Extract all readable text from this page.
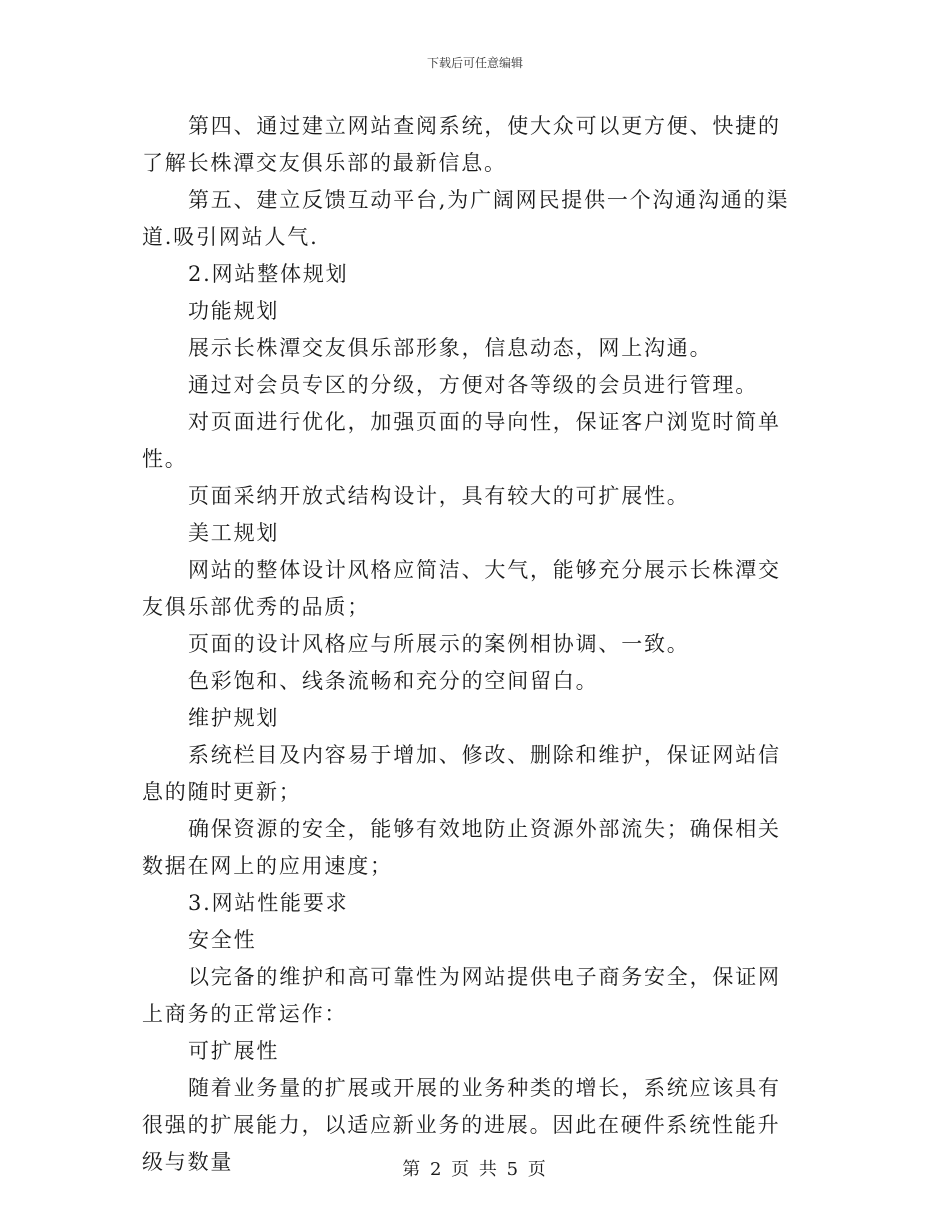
下载后可任意编辑

第四、通过建立网站查阅系统，使大众可以更方便、快捷的了解长株潭交友俱乐部的最新信息。

第五、建立反馈互动平台,为广阔网民提供一个沟通沟通的渠道.吸引网站人气.

2.网站整体规划

功能规划

展示长株潭交友俱乐部形象，信息动态，网上沟通。

通过对会员专区的分级，方便对各等级的会员进行管理。

对页面进行优化，加强页面的导向性，保证客户浏览时简单性。

页面采纳开放式结构设计，具有较大的可扩展性。

美工规划

网站的整体设计风格应简洁、大气，能够充分展示长株潭交友俱乐部优秀的品质；

页面的设计风格应与所展示的案例相协调、一致。

色彩饱和、线条流畅和充分的空间留白。

维护规划

系统栏目及内容易于增加、修改、删除和维护，保证网站信息的随时更新；

确保资源的安全，能够有效地防止资源外部流失；确保相关数据在网上的应用速度；

3.网站性能要求

安全性

以完备的维护和高可靠性为网站提供电子商务安全，保证网上商务的正常运作：

可扩展性

随着业务量的扩展或开展的业务种类的增长，系统应该具有很强的扩展能力，以适应新业务的进展。因此在硬件系统性能升级与数量	第 2 页 共 5 页
